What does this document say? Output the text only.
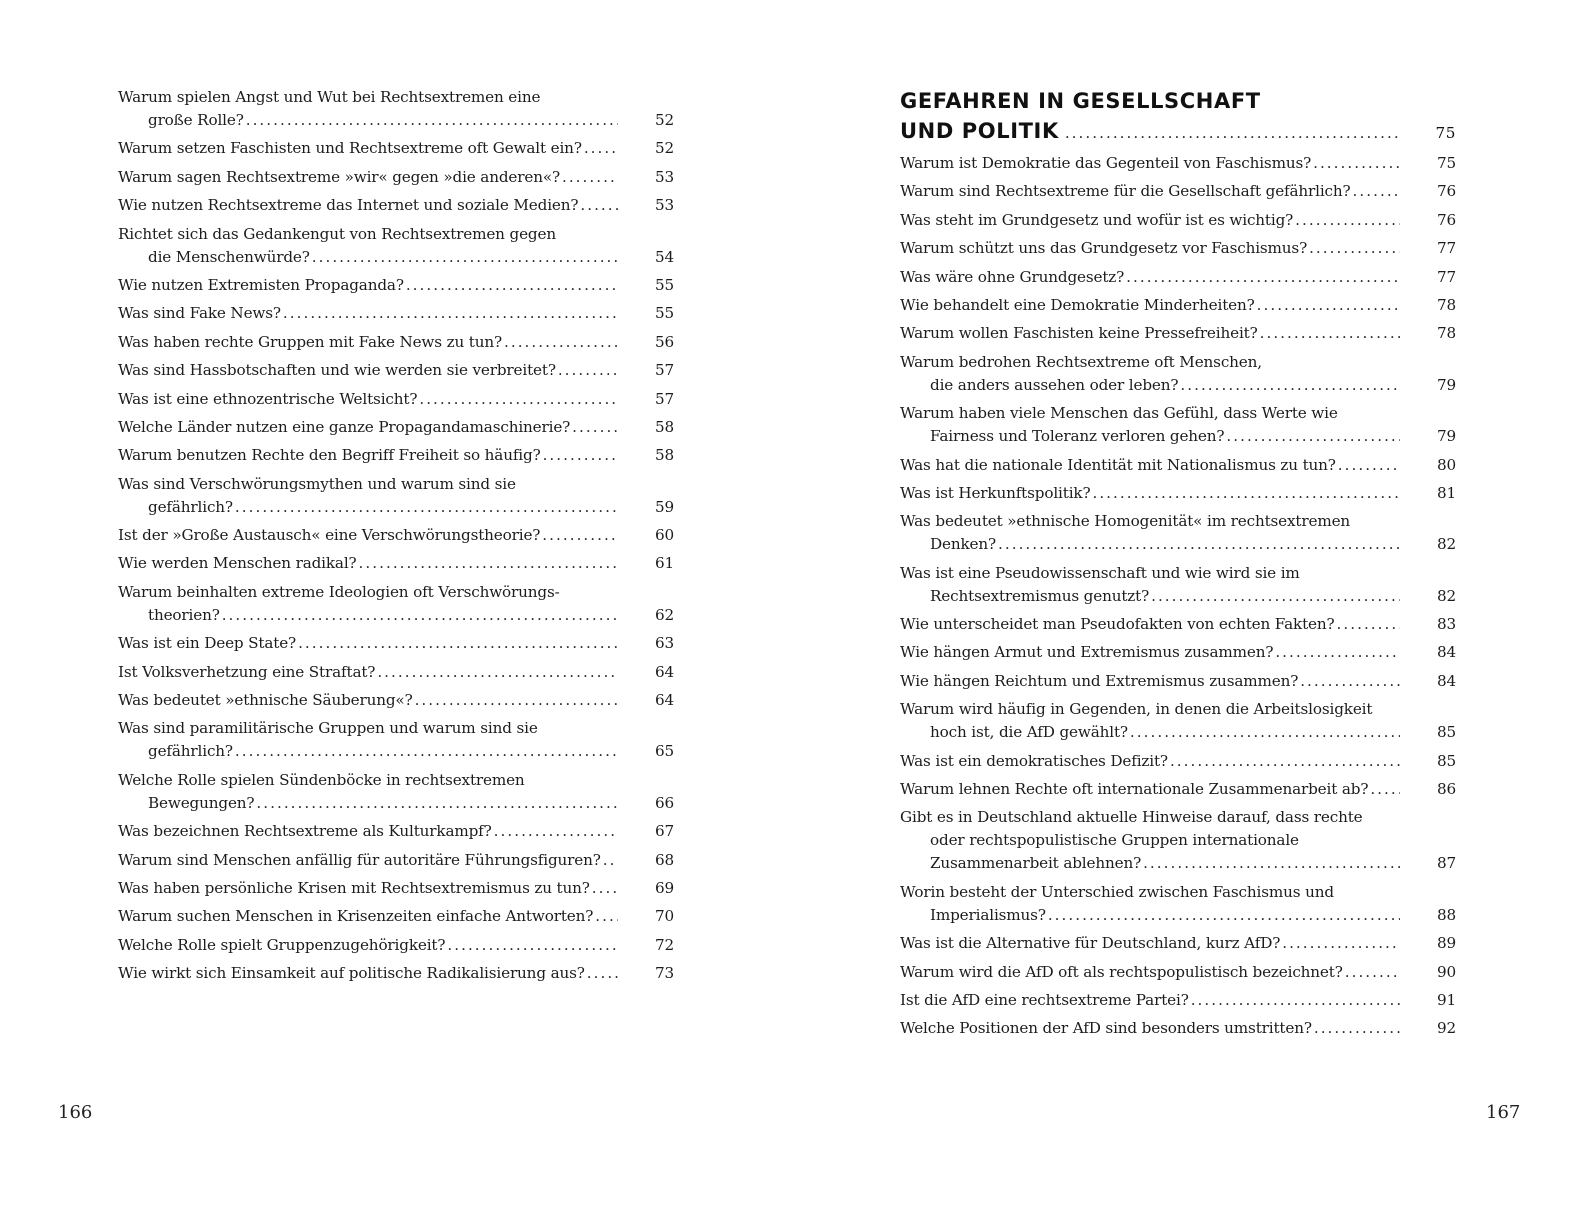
Warum spielen Angst und Wut bei Rechtsextremen eine
große Rolle? . . .	52
Warum setzen Faschisten und Rechtsextreme oft Gewalt ein? . . .	52
Warum sagen Rechtsextreme »wir« gegen »die anderen«? . . .	53
Wie nutzen Rechtsextreme das Internet und soziale Medien? . . .	53
Richtet sich das Gedankengut von Rechtsextremen gegen
die Menschenwürde? . . .	54
Wie nutzen Extremisten Propaganda? . . .	55
Was sind Fake News? . . .	55
Was haben rechte Gruppen mit Fake News zu tun? . . .	56
Was sind Hassbotschaften und wie werden sie verbreitet? . . .	57
Was ist eine ethnozentrische Weltsicht? . . .	57
Welche Länder nutzen eine ganze Propagandamaschinerie? . . .	58
Warum benutzen Rechte den Begriff Freiheit so häufig? . . .	58
Was sind Verschwörungsmythen und warum sind sie
gefährlich? . . .	59
Ist der »Große Austausch« eine Verschwörungstheorie? . . .	60
Wie werden Menschen radikal? . . .	61
Warum beinhalten extreme Ideologien oft Verschwörungs-
theorien? . . .	62
Was ist ein Deep State? . . .	63
Ist Volksverhetzung eine Straftat? . . .	64
Was bedeutet »ethnische Säuberung«? . . .	64
Was sind paramilitärische Gruppen und warum sind sie
gefährlich? . . .	65
Welche Rolle spielen Sündenböcke in rechtsextremen
Bewegungen? . . .	66
Was bezeichnen Rechtsextreme als Kulturkampf? . . .	67
Warum sind Menschen anfällig für autoritäre Führungsfiguren? . . .	68
Was haben persönliche Krisen mit Rechtsextremismus zu tun? . . .	69
Warum suchen Menschen in Krisenzeiten einfache Antworten? . . .	70
Welche Rolle spielt Gruppenzugehörigkeit? . . .	72
Wie wirkt sich Einsamkeit auf politische Radikalisierung aus? . . .	73
166
GEFAHREN IN GESELLSCHAFT
UND POLITIK . . .	75
Warum ist Demokratie das Gegenteil von Faschismus? . . .	75
Warum sind Rechtsextreme für die Gesellschaft gefährlich? . . .	76
Was steht im Grundgesetz und wofür ist es wichtig? . . .	76
Warum schützt uns das Grundgesetz vor Faschismus? . . .	77
Was wäre ohne Grundgesetz? . . .	77
Wie behandelt eine Demokratie Minderheiten? . . .	78
Warum wollen Faschisten keine Pressefreiheit? . . .	78
Warum bedrohen Rechtsextreme oft Menschen,
die anders aussehen oder leben? . . .	79
Warum haben viele Menschen das Gefühl, dass Werte wie
Fairness und Toleranz verloren gehen? . . .	79
Was hat die nationale Identität mit Nationalismus zu tun? . . .	80
Was ist Herkunftspolitik? . . .	81
Was bedeutet »ethnische Homogenität« im rechtsextremen
Denken? . . .	82
Was ist eine Pseudowissenschaft und wie wird sie im
Rechtsextremismus genutzt? . . .	82
Wie unterscheidet man Pseudofakten von echten Fakten? . . .	83
Wie hängen Armut und Extremismus zusammen? . . .	84
Wie hängen Reichtum und Extremismus zusammen? . . .	84
Warum wird häufig in Gegenden, in denen die Arbeitslosigkeit
hoch ist, die AfD gewählt? . . .	85
Was ist ein demokratisches Defizit? . . .	85
Warum lehnen Rechte oft internationale Zusammenarbeit ab? . . .	86
Gibt es in Deutschland aktuelle Hinweise darauf, dass rechte
oder rechtspopulistische Gruppen internationale
Zusammenarbeit ablehnen? . . .	87
Worin besteht der Unterschied zwischen Faschismus und
Imperialismus? . . .	88
Was ist die Alternative für Deutschland, kurz AfD? . . .	89
Warum wird die AfD oft als rechtspopulistisch bezeichnet? . . .	90
Ist die AfD eine rechtsextreme Partei? . . .	91
Welche Positionen der AfD sind besonders umstritten? . . .	92
167
